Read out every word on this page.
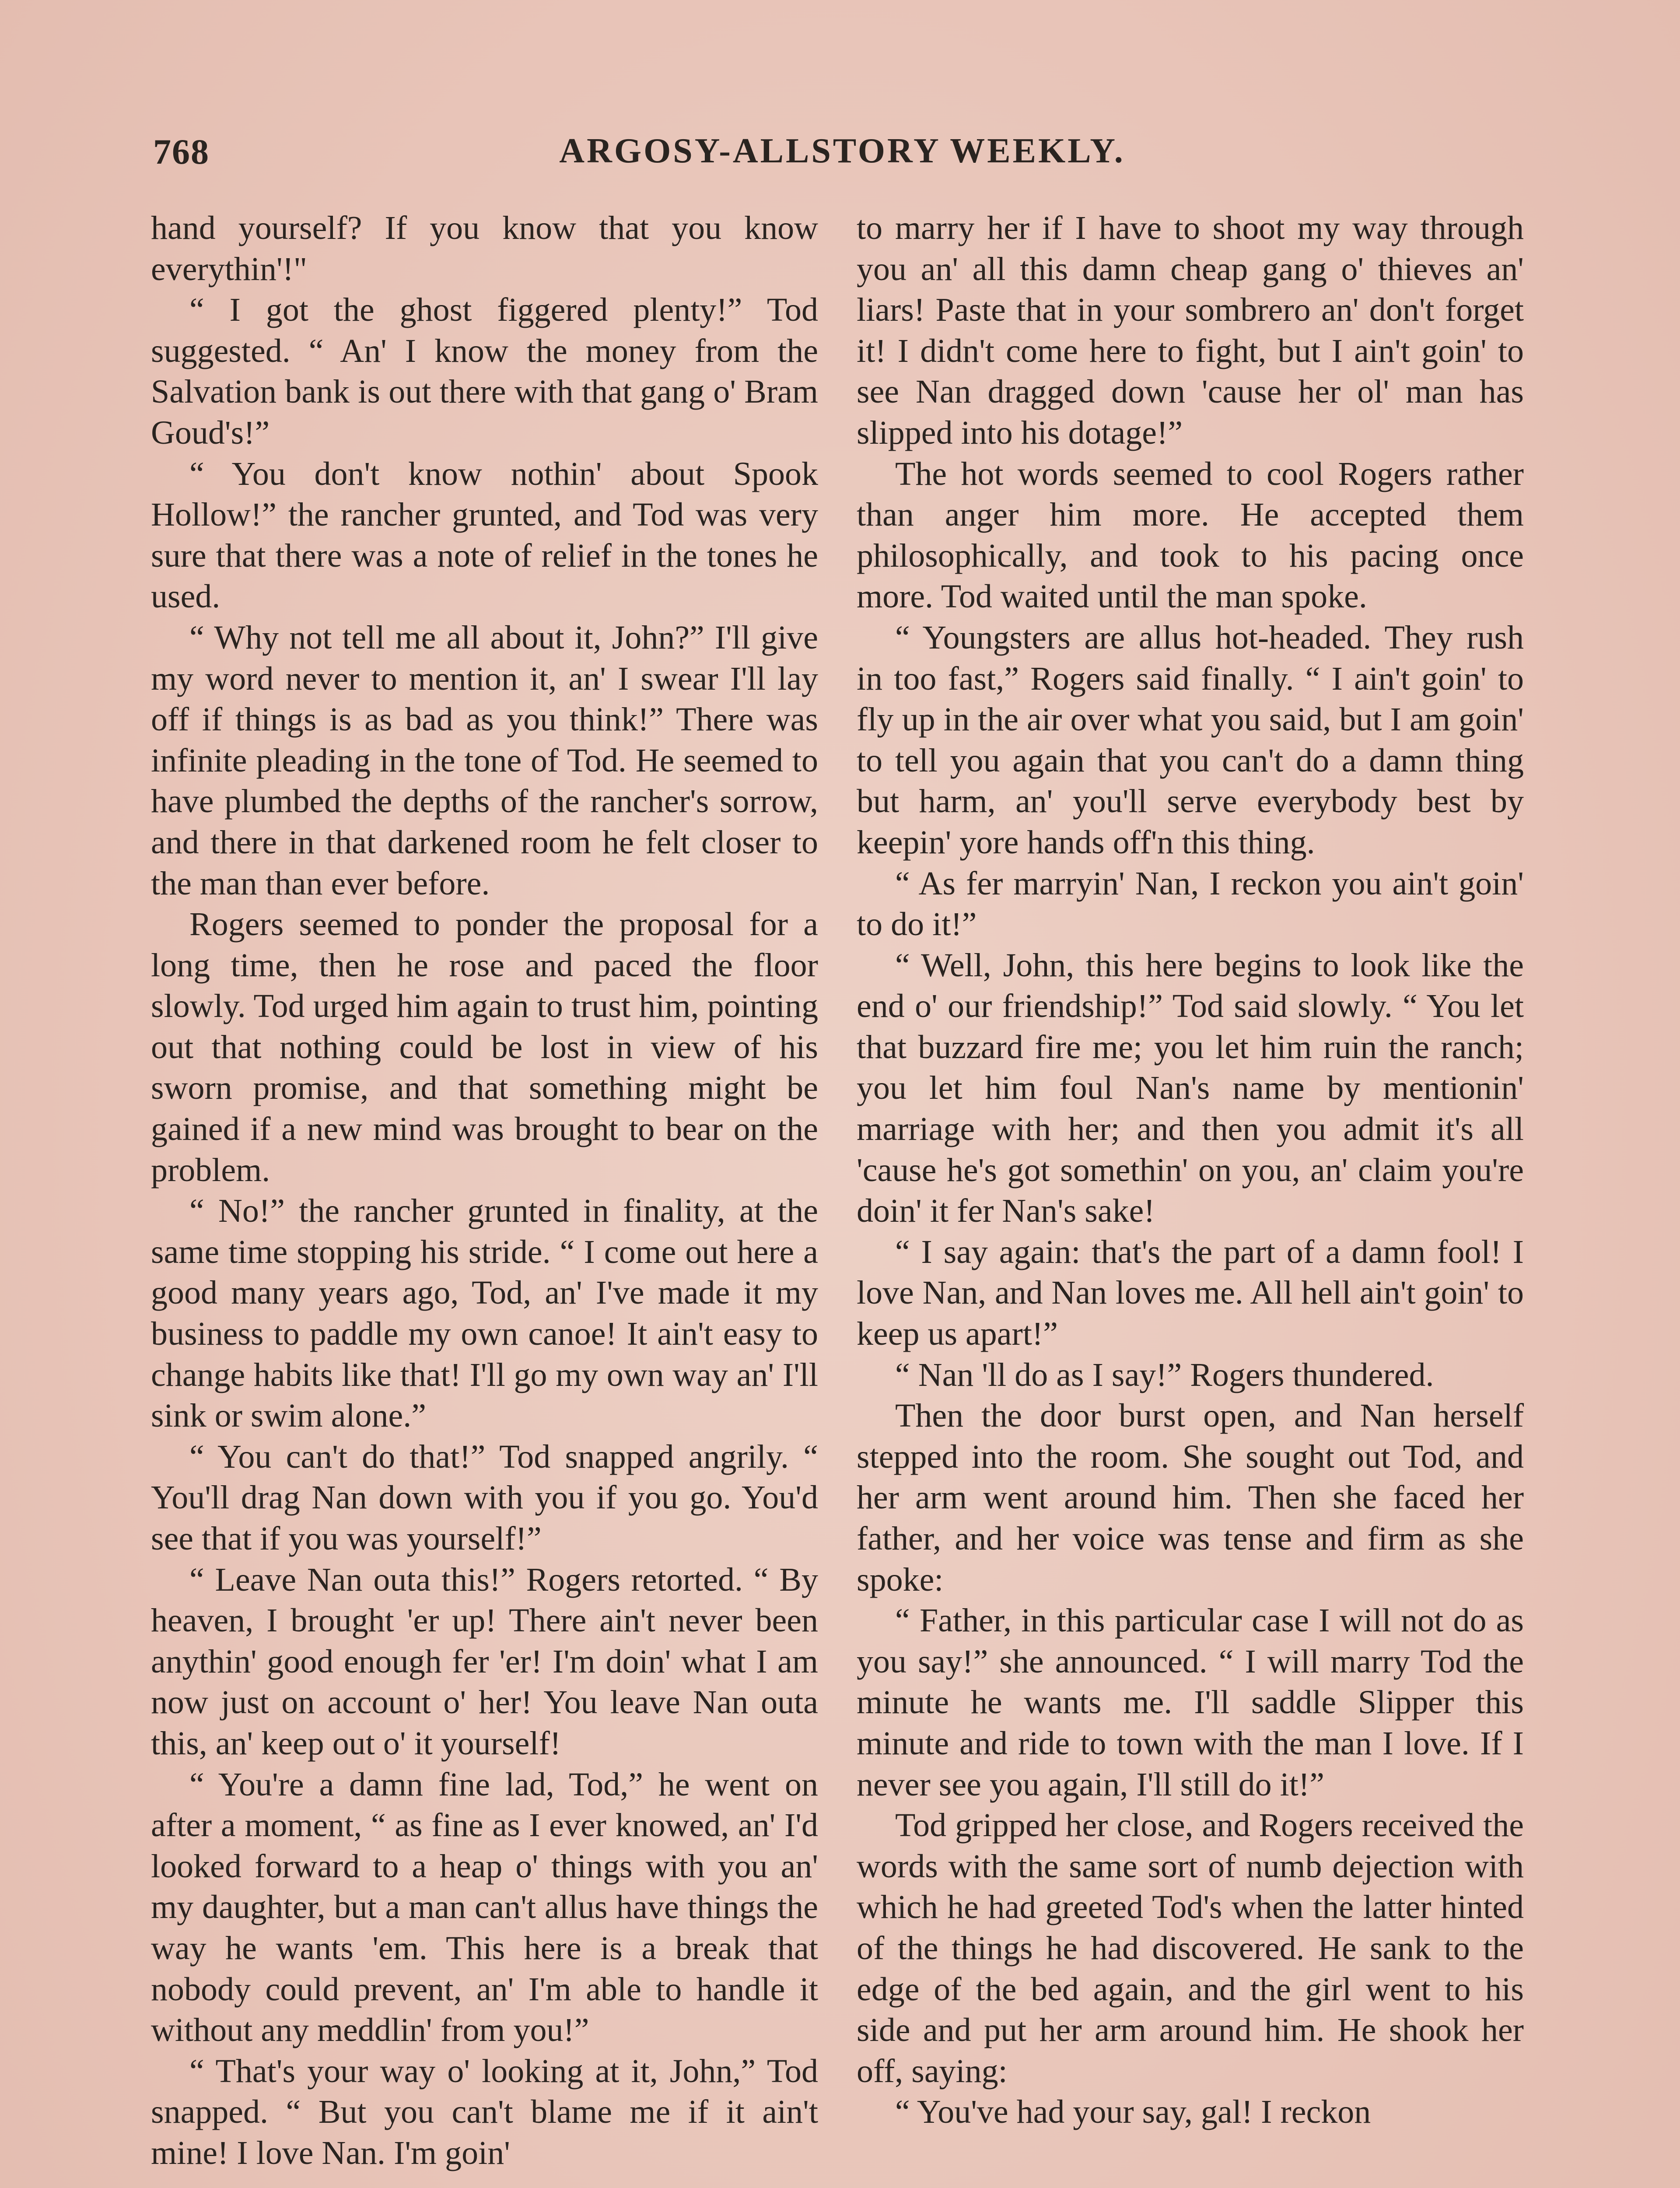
768	ARGOSY-ALLSTORY WEEKLY.

hand yourself? If you know that you know everythin'!"

“ I got the ghost figgered plenty!” Tod suggested. “ An' I know the money from the Salvation bank is out there with that gang o' Bram Goud's!”

“ You don't know nothin' about Spook Hollow!” the rancher grunted, and Tod was very sure that there was a note of relief in the tones he used.

“ Why not tell me all about it, John?” I'll give my word never to mention it, an' I swear I'll lay off if things is as bad as you think!” There was infinite pleading in the tone of Tod. He seemed to have plumbed the depths of the rancher's sorrow, and there in that darkened room he felt closer to the man than ever before.

Rogers seemed to ponder the proposal for a long time, then he rose and paced the floor slowly. Tod urged him again to trust him, pointing out that nothing could be lost in view of his sworn promise, and that something might be gained if a new mind was brought to bear on the problem.

“ No!” the rancher grunted in finality, at the same time stopping his stride. “ I come out here a good many years ago, Tod, an' I've made it my business to paddle my own canoe! It ain't easy to change habits like that! I'll go my own way an' I'll sink or swim alone.”

“ You can't do that!” Tod snapped angrily. “ You'll drag Nan down with you if you go. You'd see that if you was yourself!”

“ Leave Nan outa this!” Rogers retorted. “ By heaven, I brought 'er up! There ain't never been anythin' good enough fer 'er! I'm doin' what I am now just on account o' her! You leave Nan outa this, an' keep out o' it yourself!

“ You're a damn fine lad, Tod,” he went on after a moment, “ as fine as I ever knowed, an' I'd looked forward to a heap o' things with you an' my daughter, but a man can't allus have things the way he wants 'em. This here is a break that nobody could prevent, an' I'm able to handle it without any meddlin' from you!”

“ That's your way o' looking at it, John,” Tod snapped. “ But you can't blame me if it ain't mine! I love Nan. I'm goin'

to marry her if I have to shoot my way through you an' all this damn cheap gang o' thieves an' liars! Paste that in your sombrero an' don't forget it! I didn't come here to fight, but I ain't goin' to see Nan dragged down 'cause her ol' man has slipped into his dotage!”

The hot words seemed to cool Rogers rather than anger him more. He accepted them philosophically, and took to his pacing once more. Tod waited until the man spoke.

“ Youngsters are allus hot-headed. They rush in too fast,” Rogers said finally. “ I ain't goin' to fly up in the air over what you said, but I am goin' to tell you again that you can't do a damn thing but harm, an' you'll serve everybody best by keepin' yore hands off'n this thing.

“ As fer marryin' Nan, I reckon you ain't goin' to do it!”

“ Well, John, this here begins to look like the end o' our friendship!” Tod said slowly. “ You let that buzzard fire me; you let him ruin the ranch; you let him foul Nan's name by mentionin' marriage with her; and then you admit it's all 'cause he's got somethin' on you, an' claim you're doin' it fer Nan's sake!

“ I say again: that's the part of a damn fool! I love Nan, and Nan loves me. All hell ain't goin' to keep us apart!”

“ Nan 'll do as I say!” Rogers thundered.

Then the door burst open, and Nan herself stepped into the room. She sought out Tod, and her arm went around him. Then she faced her father, and her voice was tense and firm as she spoke:

“ Father, in this particular case I will not do as you say!” she announced. “ I will marry Tod the minute he wants me. I'll saddle Slipper this minute and ride to town with the man I love. If I never see you again, I'll still do it!”

Tod gripped her close, and Rogers received the words with the same sort of numb dejection with which he had greeted Tod's when the latter hinted of the things he had discovered. He sank to the edge of the bed again, and the girl went to his side and put her arm around him. He shook her off, saying:

“ You've had your say, gal! I reckon
